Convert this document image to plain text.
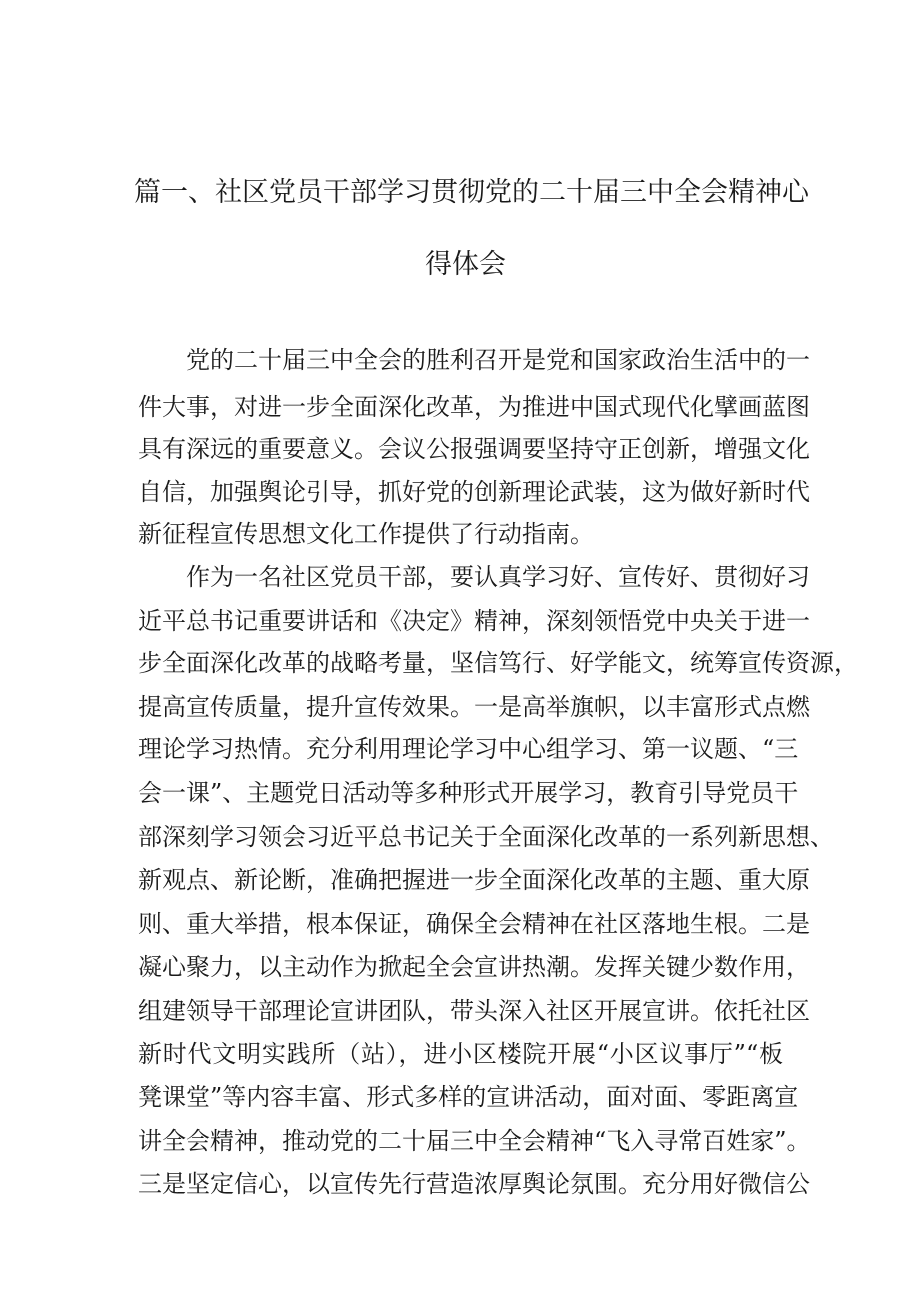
篇一、社区党员干部学习贯彻党的二十届三中全会精神心
得体会
党的二十届三中全会的胜利召开是党和国家政治生活中的一
件大事，对进一步全面深化改革，为推进中国式现代化擘画蓝图
具有深远的重要意义。会议公报强调要坚持守正创新，增强文化
自信，加强舆论引导，抓好党的创新理论武装，这为做好新时代
新征程宣传思想文化工作提供了行动指南。
作为一名社区党员干部，要认真学习好、宣传好、贯彻好习
近平总书记重要讲话和《决定》精神，深刻领悟党中央关于进一
步全面深化改革的战略考量，坚信笃行、好学能文，统筹宣传资源，
提高宣传质量，提升宣传效果。一是高举旗帜，以丰富形式点燃
理论学习热情。充分利用理论学习中心组学习、第一议题、“三
会一课”、主题党日活动等多种形式开展学习，教育引导党员干
部深刻学习领会习近平总书记关于全面深化改革的一系列新思想、
新观点、新论断，准确把握进一步全面深化改革的主题、重大原
则、重大举措，根本保证，确保全会精神在社区落地生根。二是
凝心聚力，以主动作为掀起全会宣讲热潮。发挥关键少数作用，
组建领导干部理论宣讲团队，带头深入社区开展宣讲。依托社区
新时代文明实践所（站），进小区楼院开展“小区议事厅”“板
凳课堂”等内容丰富、形式多样的宣讲活动，面对面、零距离宣
讲全会精神，推动党的二十届三中全会精神“飞入寻常百姓家”。
三是坚定信心，以宣传先行营造浓厚舆论氛围。充分用好微信公
